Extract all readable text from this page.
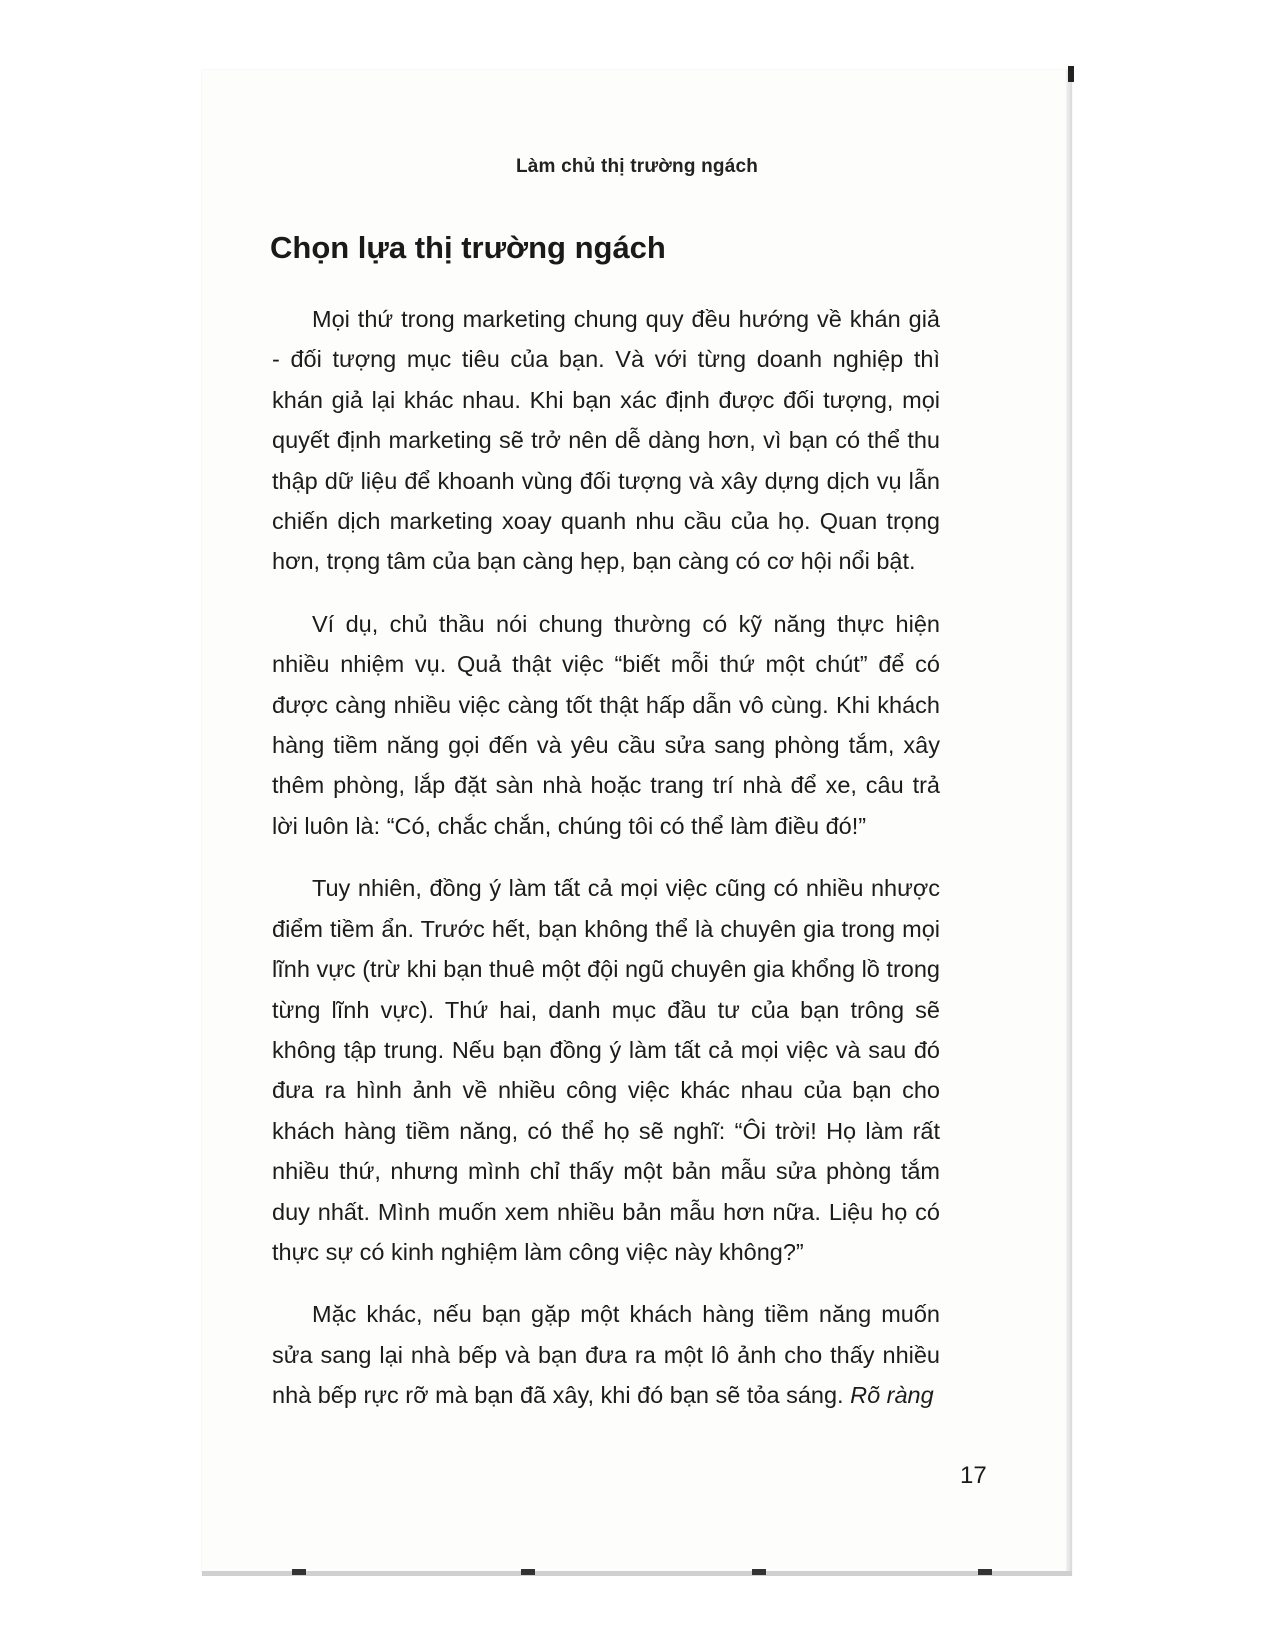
Làm chủ thị trường ngách
Chọn lựa thị trường ngách

Mọi thứ trong marketing chung quy đều hướng về khán giả - đối tượng mục tiêu của bạn. Và với từng doanh nghiệp thì khán giả lại khác nhau. Khi bạn xác định được đối tượng, mọi quyết định marketing sẽ trở nên dễ dàng hơn, vì bạn có thể thu thập dữ liệu để khoanh vùng đối tượng và xây dựng dịch vụ lẫn chiến dịch marketing xoay quanh nhu cầu của họ. Quan trọng hơn, trọng tâm của bạn càng hẹp, bạn càng có cơ hội nổi bật.

Ví dụ, chủ thầu nói chung thường có kỹ năng thực hiện nhiều nhiệm vụ. Quả thật việc “biết mỗi thứ một chút” để có được càng nhiều việc càng tốt thật hấp dẫn vô cùng. Khi khách hàng tiềm năng gọi đến và yêu cầu sửa sang phòng tắm, xây thêm phòng, lắp đặt sàn nhà hoặc trang trí nhà để xe, câu trả lời luôn là: “Có, chắc chắn, chúng tôi có thể làm điều đó!”

Tuy nhiên, đồng ý làm tất cả mọi việc cũng có nhiều nhược điểm tiềm ẩn. Trước hết, bạn không thể là chuyên gia trong mọi lĩnh vực (trừ khi bạn thuê một đội ngũ chuyên gia khổng lồ trong từng lĩnh vực). Thứ hai, danh mục đầu tư của bạn trông sẽ không tập trung. Nếu bạn đồng ý làm tất cả mọi việc và sau đó đưa ra hình ảnh về nhiều công việc khác nhau của bạn cho khách hàng tiềm năng, có thể họ sẽ nghĩ: “Ôi trời! Họ làm rất nhiều thứ, nhưng mình chỉ thấy một bản mẫu sửa phòng tắm duy nhất. Mình muốn xem nhiều bản mẫu hơn nữa. Liệu họ có thực sự có kinh nghiệm làm công việc này không?”

Mặc khác, nếu bạn gặp một khách hàng tiềm năng muốn sửa sang lại nhà bếp và bạn đưa ra một lô ảnh cho thấy nhiều nhà bếp rực rỡ mà bạn đã xây, khi đó bạn sẽ tỏa sáng. Rõ ràng

17
